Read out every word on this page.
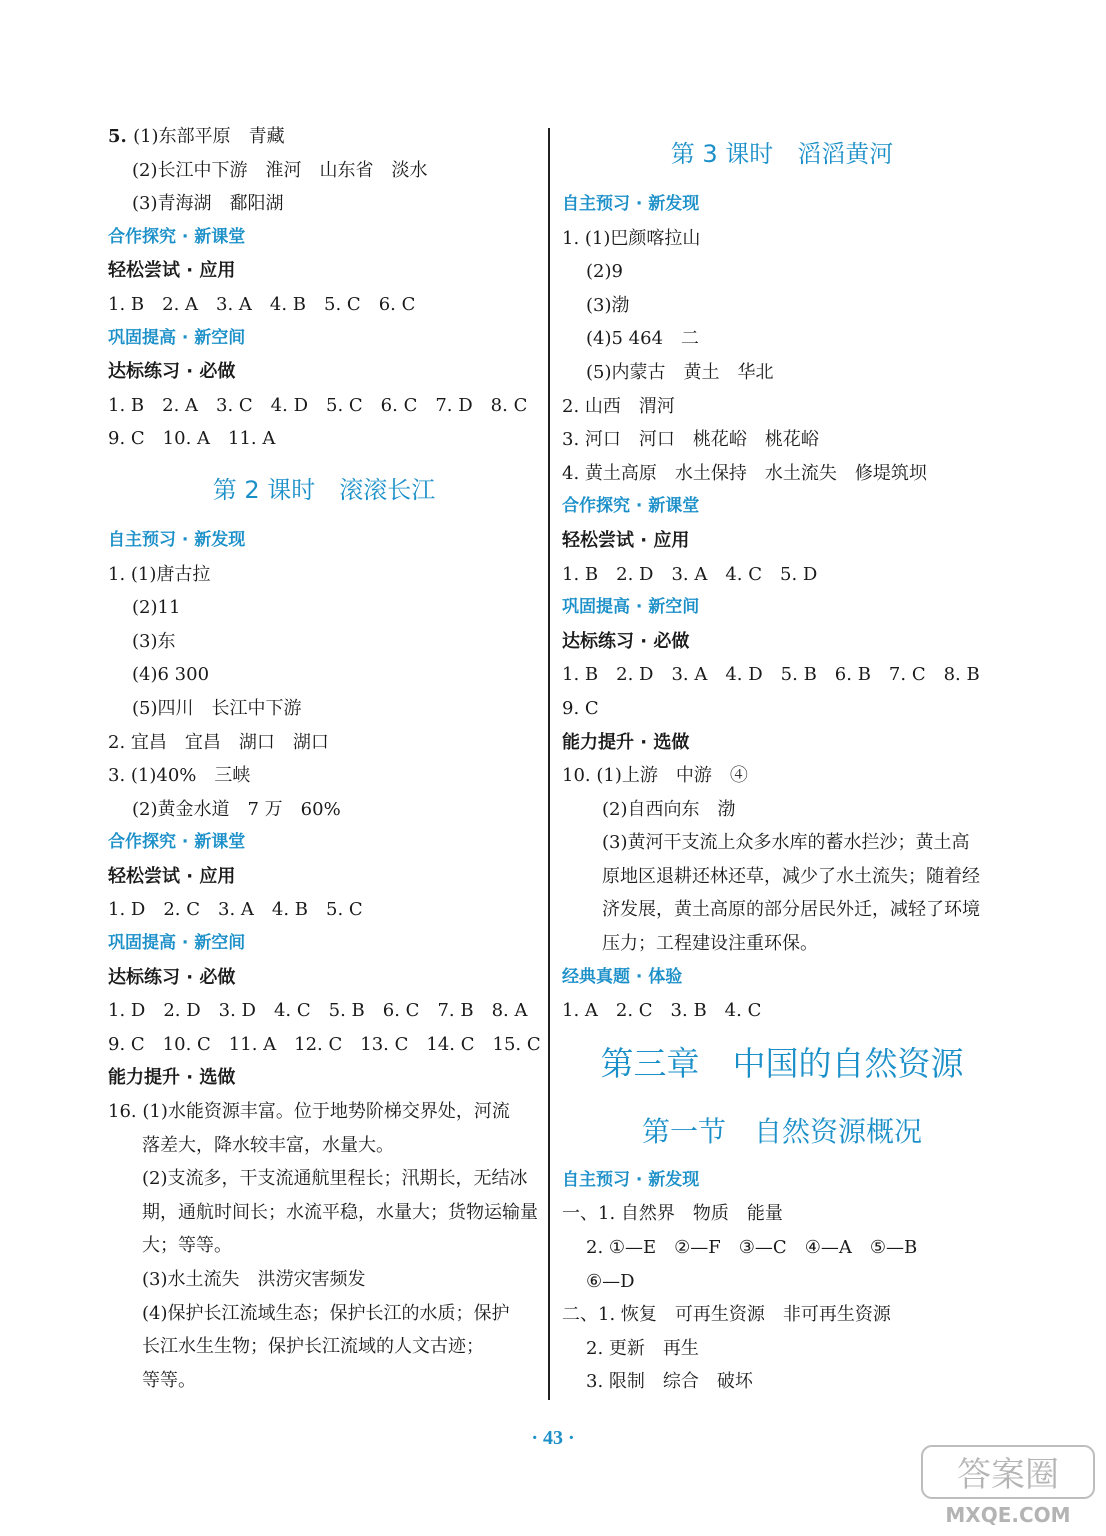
5. (1)东部平原　青藏
(2)长江中下游　淮河　山东省　淡水
(3)青海湖　鄱阳湖
合作探究 · 新课堂
轻松尝试 · 应用
1. B　2. A　3. A　4. B　5. C　6. C
巩固提高 · 新空间
达标练习 · 必做
1. B　2. A　3. C　4. D　5. C　6. C　7. D　8. C
9. C　10. A　11. A
第 2 课时　滚滚长江
自主预习 · 新发现
1. (1)唐古拉
(2)11
(3)东
(4)6 300
(5)四川　长江中下游
2. 宜昌　宜昌　湖口　湖口
3. (1)40%　三峡
(2)黄金水道　7 万　60%
合作探究 · 新课堂
轻松尝试 · 应用
1. D　2. C　3. A　4. B　5. C
巩固提高 · 新空间
达标练习 · 必做
1. D　2. D　3. D　4. C　5. B　6. C　7. B　8. A
9. C　10. C　11. A　12. C　13. C　14. C　15. C
能力提升 · 选做
16. (1)水能资源丰富。位于地势阶梯交界处，河流
落差大，降水较丰富，水量大。
(2)支流多，干支流通航里程长；汛期长，无结冰
期，通航时间长；水流平稳，水量大；货物运输量
大；等等。
(3)水土流失　洪涝灾害频发
(4)保护长江流域生态；保护长江的水质；保护
长江水生生物；保护长江流域的人文古迹；
等等。
第 3 课时　滔滔黄河
自主预习 · 新发现
1. (1)巴颜喀拉山
(2)9
(3)渤
(4)5 464　二
(5)内蒙古　黄土　华北
2. 山西　渭河
3. 河口　河口　桃花峪　桃花峪
4. 黄土高原　水土保持　水土流失　修堤筑坝
合作探究 · 新课堂
轻松尝试 · 应用
1. B　2. D　3. A　4. C　5. D
巩固提高 · 新空间
达标练习 · 必做
1. B　2. D　3. A　4. D　5. B　6. B　7. C　8. B
9. C
能力提升 · 选做
10. (1)上游　中游　④
(2)自西向东　渤
(3)黄河干支流上众多水库的蓄水拦沙；黄土高
原地区退耕还林还草，减少了水土流失；随着经
济发展，黄土高原的部分居民外迁，减轻了环境
压力；工程建设注重环保。
经典真题 · 体验
1. A　2. C　3. B　4. C
第三章　中国的自然资源
第一节　自然资源概况
自主预习 · 新发现
一、1. 自然界　物质　能量
2. ①—E　②—F　③—C　④—A　⑤—B
⑥—D
二、1. 恢复　可再生资源　非可再生资源
2. 更新　再生
3. 限制　综合　破坏
· 43 ·
答案圈
MXQE.COM
